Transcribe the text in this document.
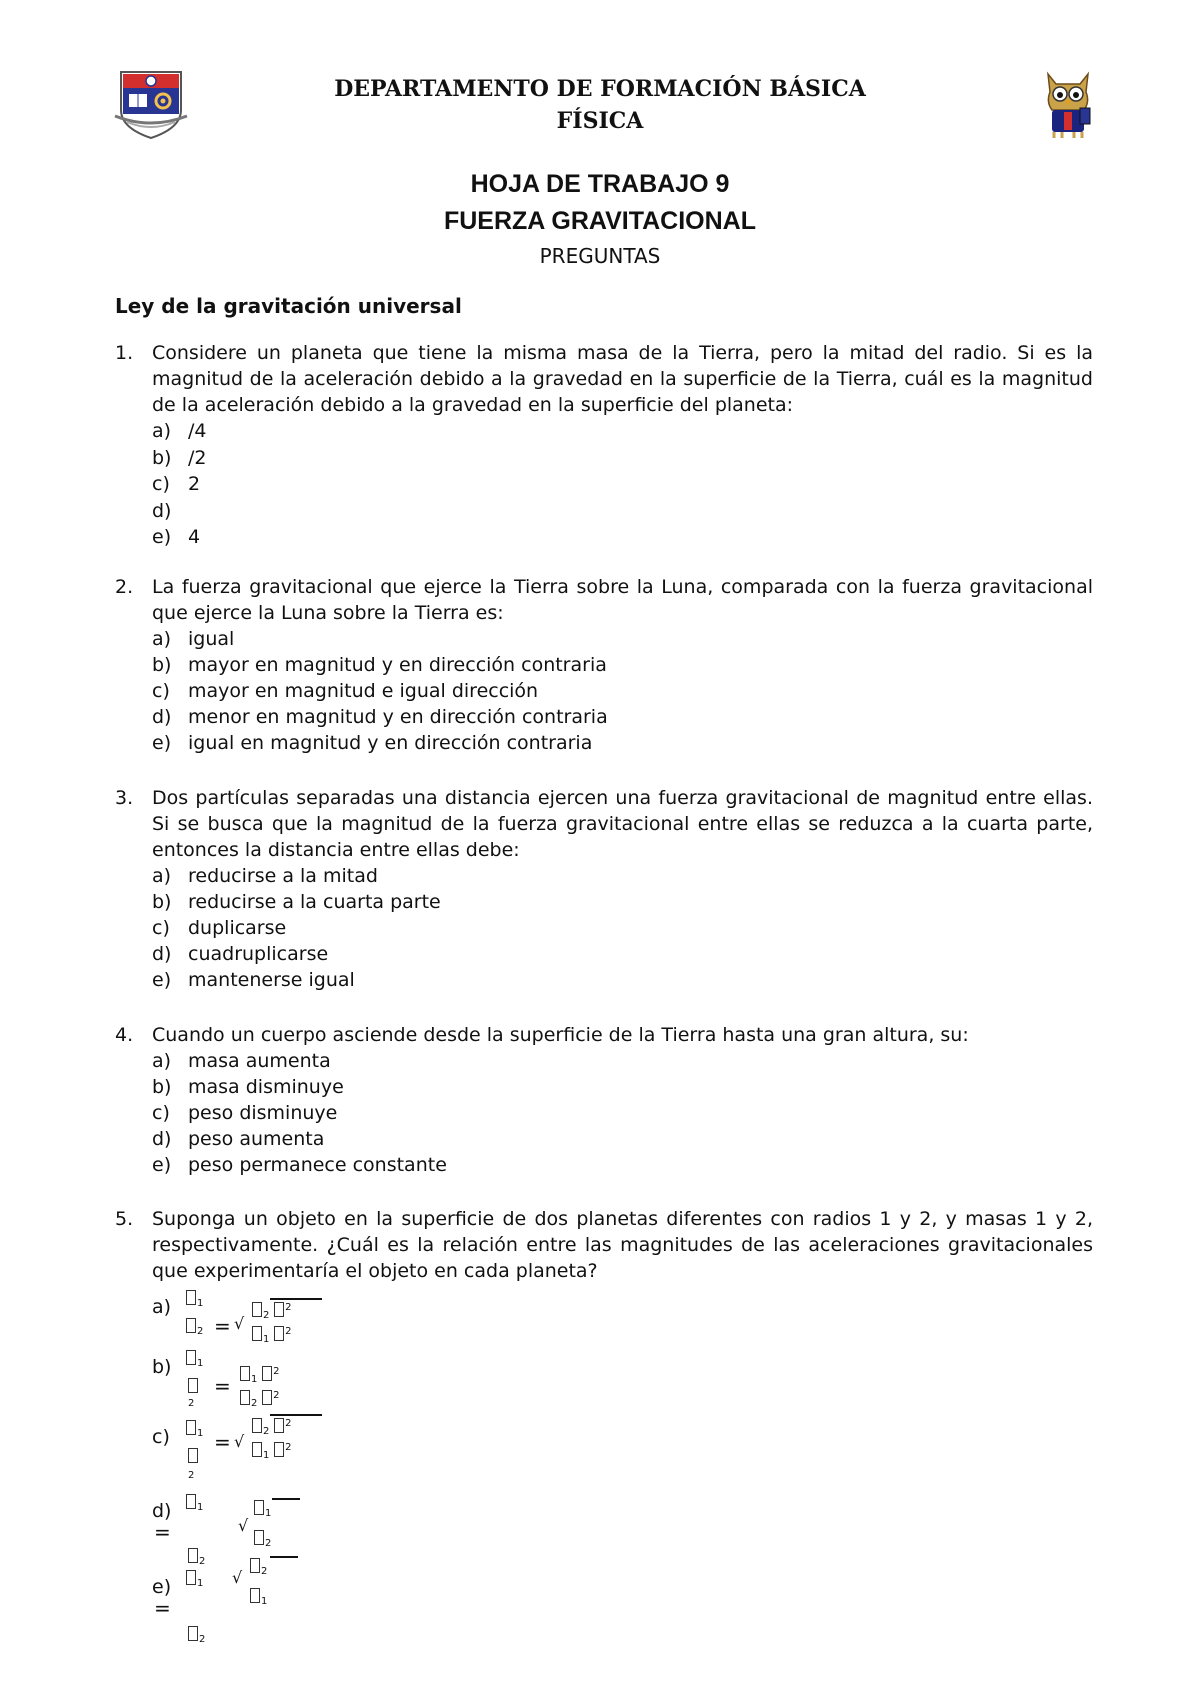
DEPARTAMENTO DE FORMACIÓN BÁSICA
FÍSICA
HOJA DE TRABAJO 9
FUERZA GRAVITACIONAL
PREGUNTAS
Ley de la gravitación universal
1. Considere un planeta que tiene la misma masa de la Tierra, pero la mitad del radio. Si es la magnitud de la aceleración debido a la gravedad en la superficie de la Tierra, cuál es la magnitud de la aceleración debido a la gravedad en la superficie del planeta:
a) /4
b) /2
c) 2
d)
e) 4
2. La fuerza gravitacional que ejerce la Tierra sobre la Luna, comparada con la fuerza gravitacional que ejerce la Luna sobre la Tierra es:
a) igual
b) mayor en magnitud y en dirección contraria
c) mayor en magnitud e igual dirección
d) menor en magnitud y en dirección contraria
e) igual en magnitud y en dirección contraria
3. Dos partículas separadas una distancia ejercen una fuerza gravitacional de magnitud entre ellas. Si se busca que la magnitud de la fuerza gravitacional entre ellas se reduzca a la cuarta parte, entonces la distancia entre ellas debe:
a) reducirse a la mitad
b) reducirse a la cuarta parte
c) duplicarse
d) cuadruplicarse
e) mantenerse igual
4. Cuando un cuerpo asciende desde la superficie de la Tierra hasta una gran altura, su:
a) masa aumenta
b) masa disminuye
c) peso disminuye
d) peso aumenta
e) peso permanece constante
5. Suponga un objeto en la superficie de dos planetas diferentes con radios 1 y 2, y masas 1 y 2, respectivamente. ¿Cuál es la relación entre las magnitudes de las aceleraciones gravitacionales que experimentaría el objeto en cada planeta?
a)	1
2 = √	2 $^2$
1 $^2$
b)	1
2
=	1 $^2$
2 $^2$
c)	1
2
= √
2 $^2$
1 $^2$
d)	1
=
2
√
1
2
e)	1
=
2
√	2
1
